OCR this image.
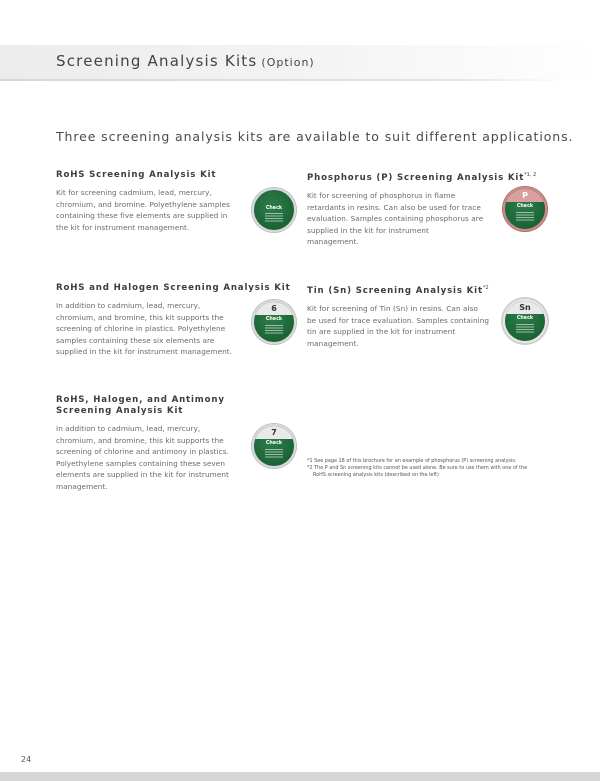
Screening Analysis Kits (Option)
Three screening analysis kits are available to suit different applications.
RoHS Screening Analysis Kit
Kit for screening cadmium, lead, mercury,
chromium, and bromine. Polyethylene samples
containing these five elements are supplied in
the kit for instrument management.
Check
Phosphorus (P) Screening Analysis Kit$^{*1, 2}$
Kit for screening of phosphorus in flame
retardants in resins. Can also be used for trace
evaluation. Samples containing phosphorus are
supplied in the kit for instrument
management.
P
Check
RoHS and Halogen Screening Analysis Kit
In addition to cadmium, lead, mercury,
chromium, and bromine, this kit supports the
screening of chlorine in plastics. Polyethylene
samples containing these six elements are
supplied in the kit for instrument management.
6
Check
Tin (Sn) Screening Analysis Kit$^{*2}$
Kit for screening of Tin (Sn) in resins. Can also
be used for trace evaluation. Samples containing
tin are supplied in the kit for instrument
management.
Sn
Check
RoHS, Halogen, and Antimony Screening Analysis Kit
In addition to cadmium, lead, mercury,
chromium, and bromine, this kit supports the
screening of chlorine and antimony in plastics.
Polyethylene samples containing these seven
elements are supplied in the kit for instrument
management.
7
Check
*1 See page 18 of this brochure for an example of phosphorus (P) screening analysis.
*2 The P and Sn screening kits cannot be used alone. Be sure to use them with one of the
RoHS screening analysis kits (described on the left)
24
